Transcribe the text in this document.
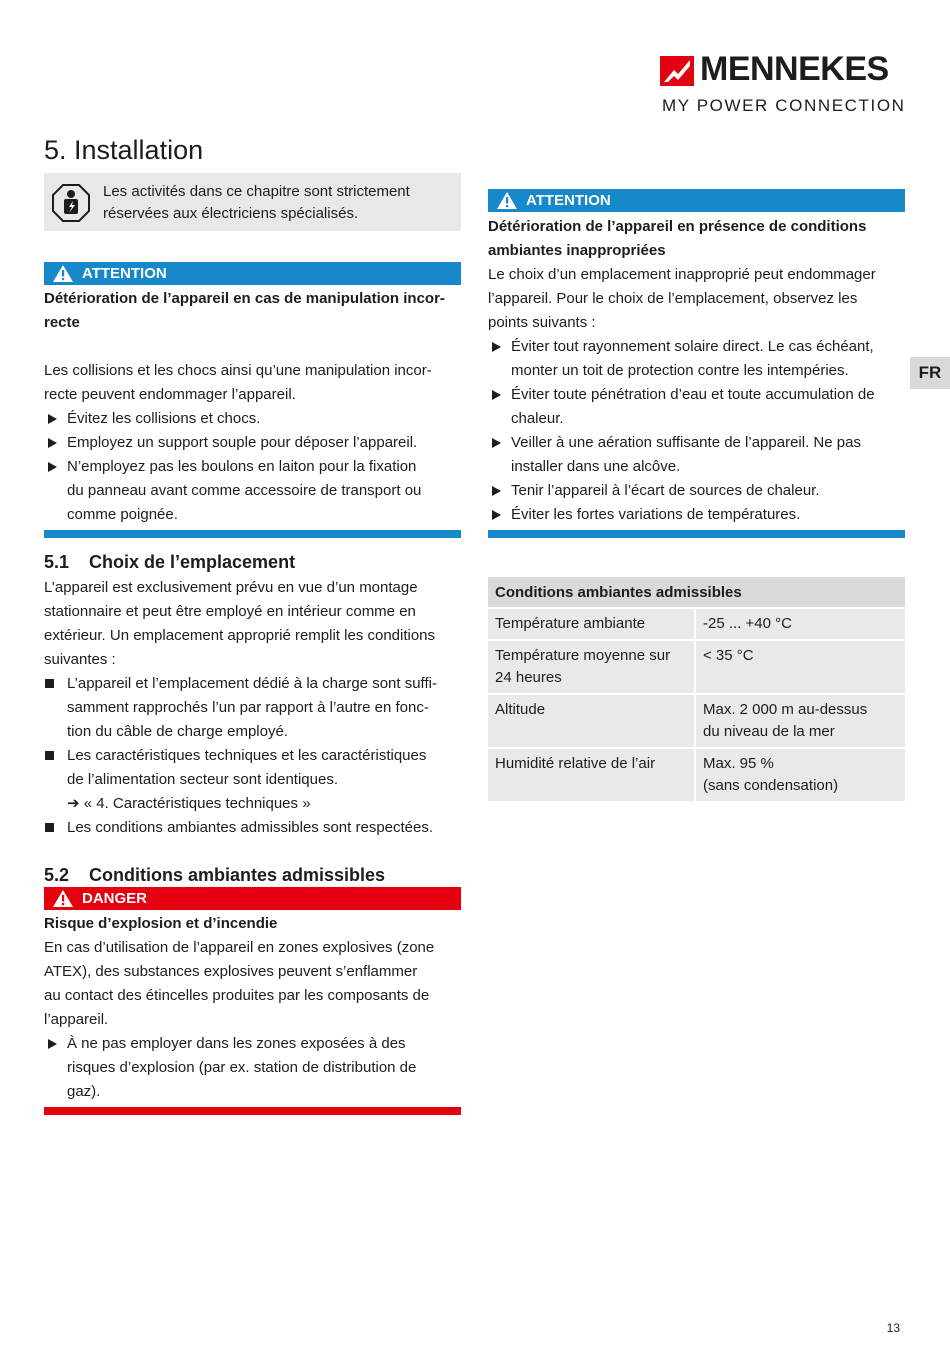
MENNEKES
MY POWER CONNECTION
5. Installation
Les activités dans ce chapitre sont strictement
réservées aux électriciens spécialisés.
ATTENTION
Détérioration de l’appareil en cas de manipulation incor-
recte
Les collisions et les chocs ainsi qu’une manipulation incor-
recte peuvent endommager l’appareil.
Évitez les collisions et chocs.
Employez un support souple pour déposer l’appareil.
N’employez pas les boulons en laiton pour la fixation
du panneau avant comme accessoire de transport ou
comme poignée.
5.1 Choix de l’emplacement
L’appareil est exclusivement prévu en vue d’un montage
stationnaire et peut être employé en intérieur comme en
extérieur. Un emplacement approprié remplit les conditions
suivantes :
L’appareil et l’emplacement dédié à la charge sont suffi-
samment rapprochés l’un par rapport à l’autre en fonc-
tion du câble de charge employé.
Les caractéristiques techniques et les caractéristiques
de l’alimentation secteur sont identiques.
➔ « 4. Caractéristiques techniques »
Les conditions ambiantes admissibles sont respectées.
5.2 Conditions ambiantes admissibles
DANGER
Risque d’explosion et d’incendie
En cas d’utilisation de l’appareil en zones explosives (zone
ATEX), des substances explosives peuvent s’enflammer
au contact des étincelles produites par les composants de
l’appareil.
À ne pas employer dans les zones exposées à des
risques d’explosion (par ex. station de distribution de
gaz).
ATTENTION
Détérioration de l’appareil en présence de conditions
ambiantes inappropriées
Le choix d’un emplacement inapproprié peut endommager
l’appareil. Pour le choix de l’emplacement, observez les
points suivants :
Éviter tout rayonnement solaire direct. Le cas échéant,
monter un toit de protection contre les intempéries.
Éviter toute pénétration d’eau et toute accumulation de
chaleur.
Veiller à une aération suffisante de l’appareil. Ne pas
installer dans une alcôve.
Tenir l’appareil à l’écart de sources de chaleur.
Éviter les fortes variations de températures.
FR
Conditions ambiantes admissibles	

Température ambiante	-25 ... +40 °C

Température moyenne sur
24 heures	< 35 °C

Altitude	Max. 2 000 m au-dessus
du niveau de la mer

Humidité relative de l’air	Max. 95 %
(sans condensation)
13
